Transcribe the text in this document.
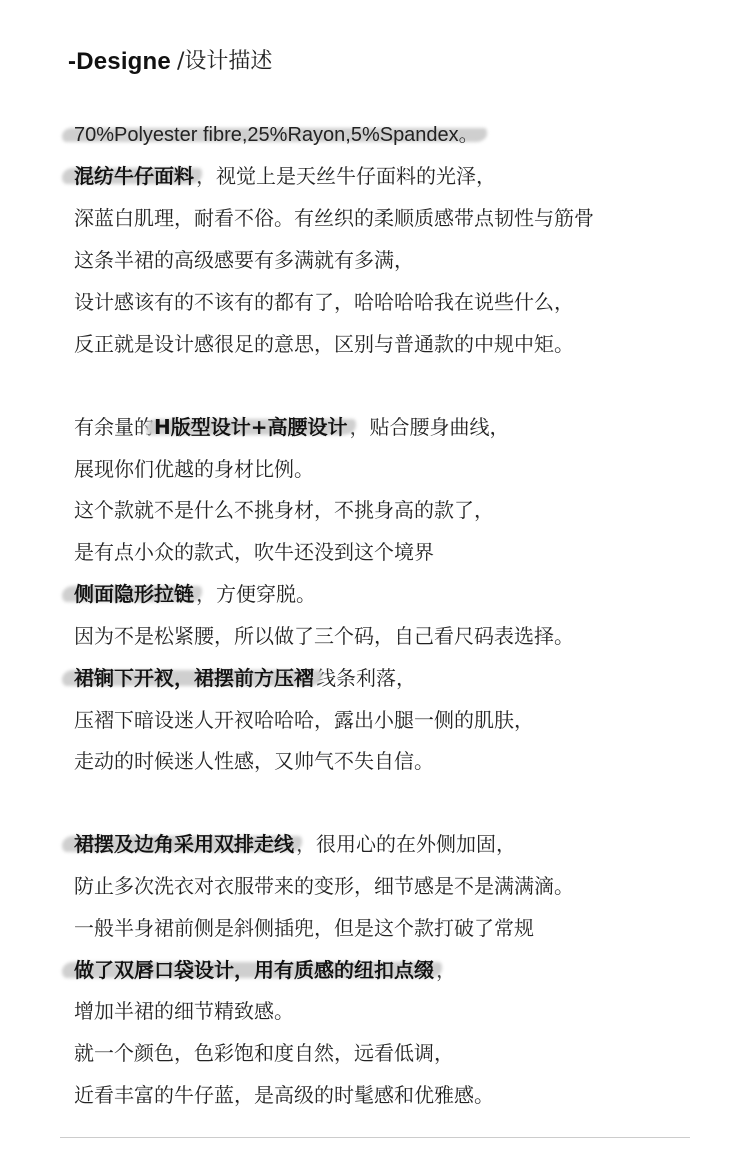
-Designe /设计描述
70%Polyester fibre,25%Rayon,5%Spandex。
混纺牛仔面料 ，视觉上是天丝牛仔面料的光泽，
深蓝白肌理，耐看不俗。有丝织的柔顺质感带点韧性与筋骨
这条半裙的高级感要有多满就有多满，
设计感该有的不该有的都有了，哈哈哈哈我在说些什么，
反正就是设计感很足的意思，区别与普通款的中规中矩。
有余量的H版型设计+高腰设计 ，贴合腰身曲线，
展现你们优越的身材比例。
这个款就不是什么不挑身材，不挑身高的款了，
是有点小众的款式，吹牛还没到这个境界
侧面隐形拉链 ，方便穿脱。
因为不是松紧腰，所以做了三个码，自己看尺码表选择。
裙锏下开衩，裙摆前方压褶 线条利落，
压褶下暗设迷人开衩哈哈哈，露出小腿一侧的肌肤，
走动的时候迷人性感，又帅气不失自信。
裙摆及边角采用双排走线 ，很用心的在外侧加固，
防止多次洗衣对衣服带来的变形，细节感是不是满满滴。
一般半身裙前侧是斜侧插兜，但是这个款打破了常规
做了双唇口袋设计，用有质感的纽扣点缀 ，
增加半裙的细节精致感。
就一个颜色，色彩饱和度自然，远看低调，
近看丰富的牛仔蓝，是高级的时髦感和优雅感。
